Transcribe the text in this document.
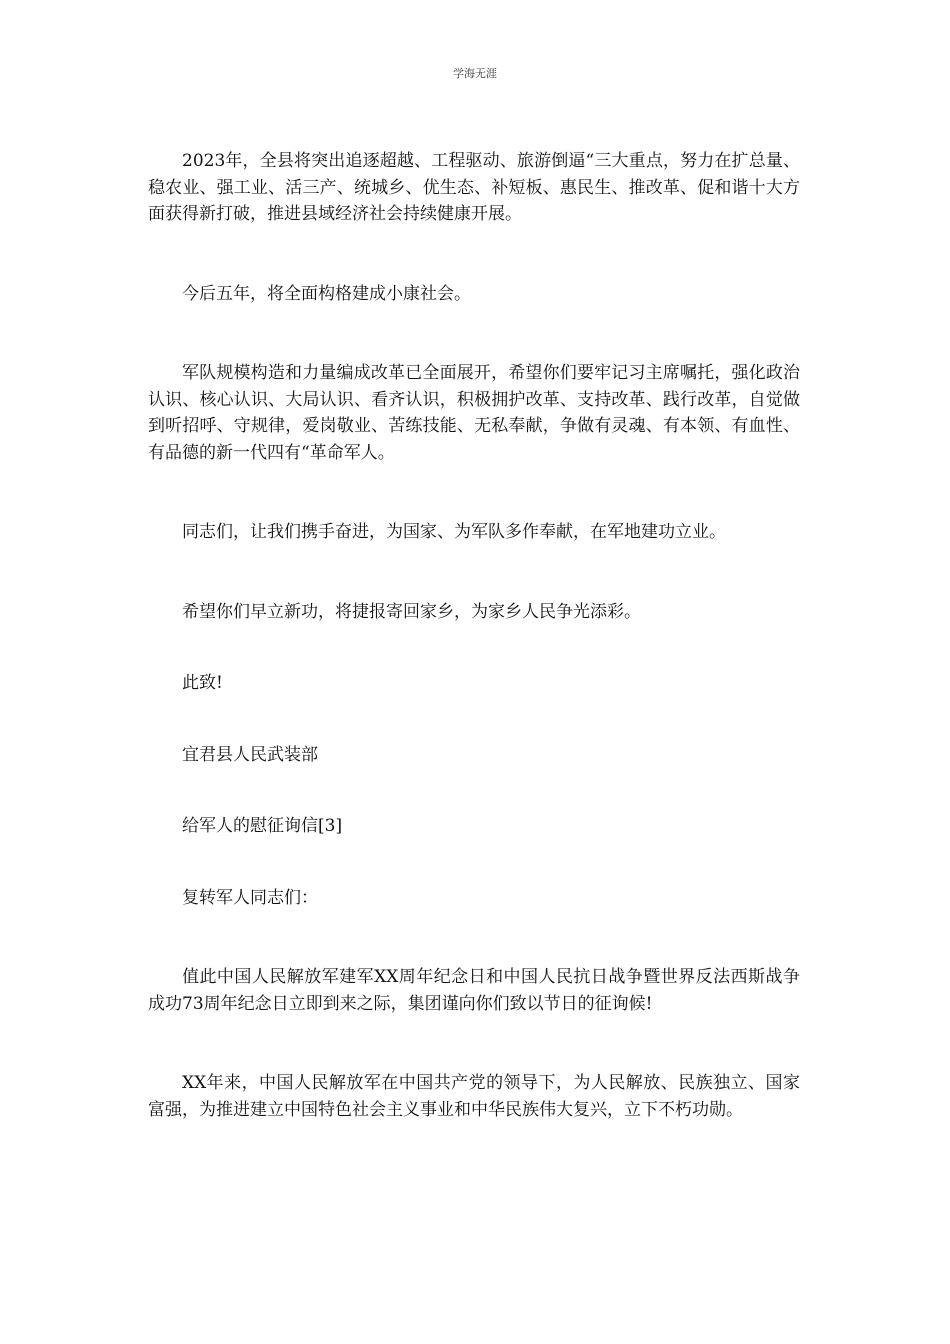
学海无涯

2023年，全县将突出追逐超越、工程驱动、旅游倒逼“三大重点，努力在扩总量、稳农业、强工业、活三产、统城乡、优生态、补短板、惠民生、推改革、促和谐十大方面获得新打破，推进县域经济社会持续健康开展。

今后五年，将全面构格建成小康社会。

军队规模构造和力量编成改革已全面展开，希望你们要牢记习主席嘱托，强化政治认识、核心认识、大局认识、看齐认识，积极拥护改革、支持改革、践行改革，自觉做到听招呼、守规律，爱岗敬业、苦练技能、无私奉献，争做有灵魂、有本领、有血性、有品德的新一代四有“革命军人。

同志们，让我们携手奋进，为国家、为军队多作奉献，在军地建功立业。

希望你们早立新功，将捷报寄回家乡，为家乡人民争光添彩。

此致!

宜君县人民武装部

给军人的慰征询信[3]

复转军人同志们：

值此中国人民解放军建军XX周年纪念日和中国人民抗日战争暨世界反法西斯战争成功73周年纪念日立即到来之际，集团谨向你们致以节日的征询候!

XX年来，中国人民解放军在中国共产党的领导下，为人民解放、民族独立、国家富强，为推进建立中国特色社会主义事业和中华民族伟大复兴，立下不朽功勋。
